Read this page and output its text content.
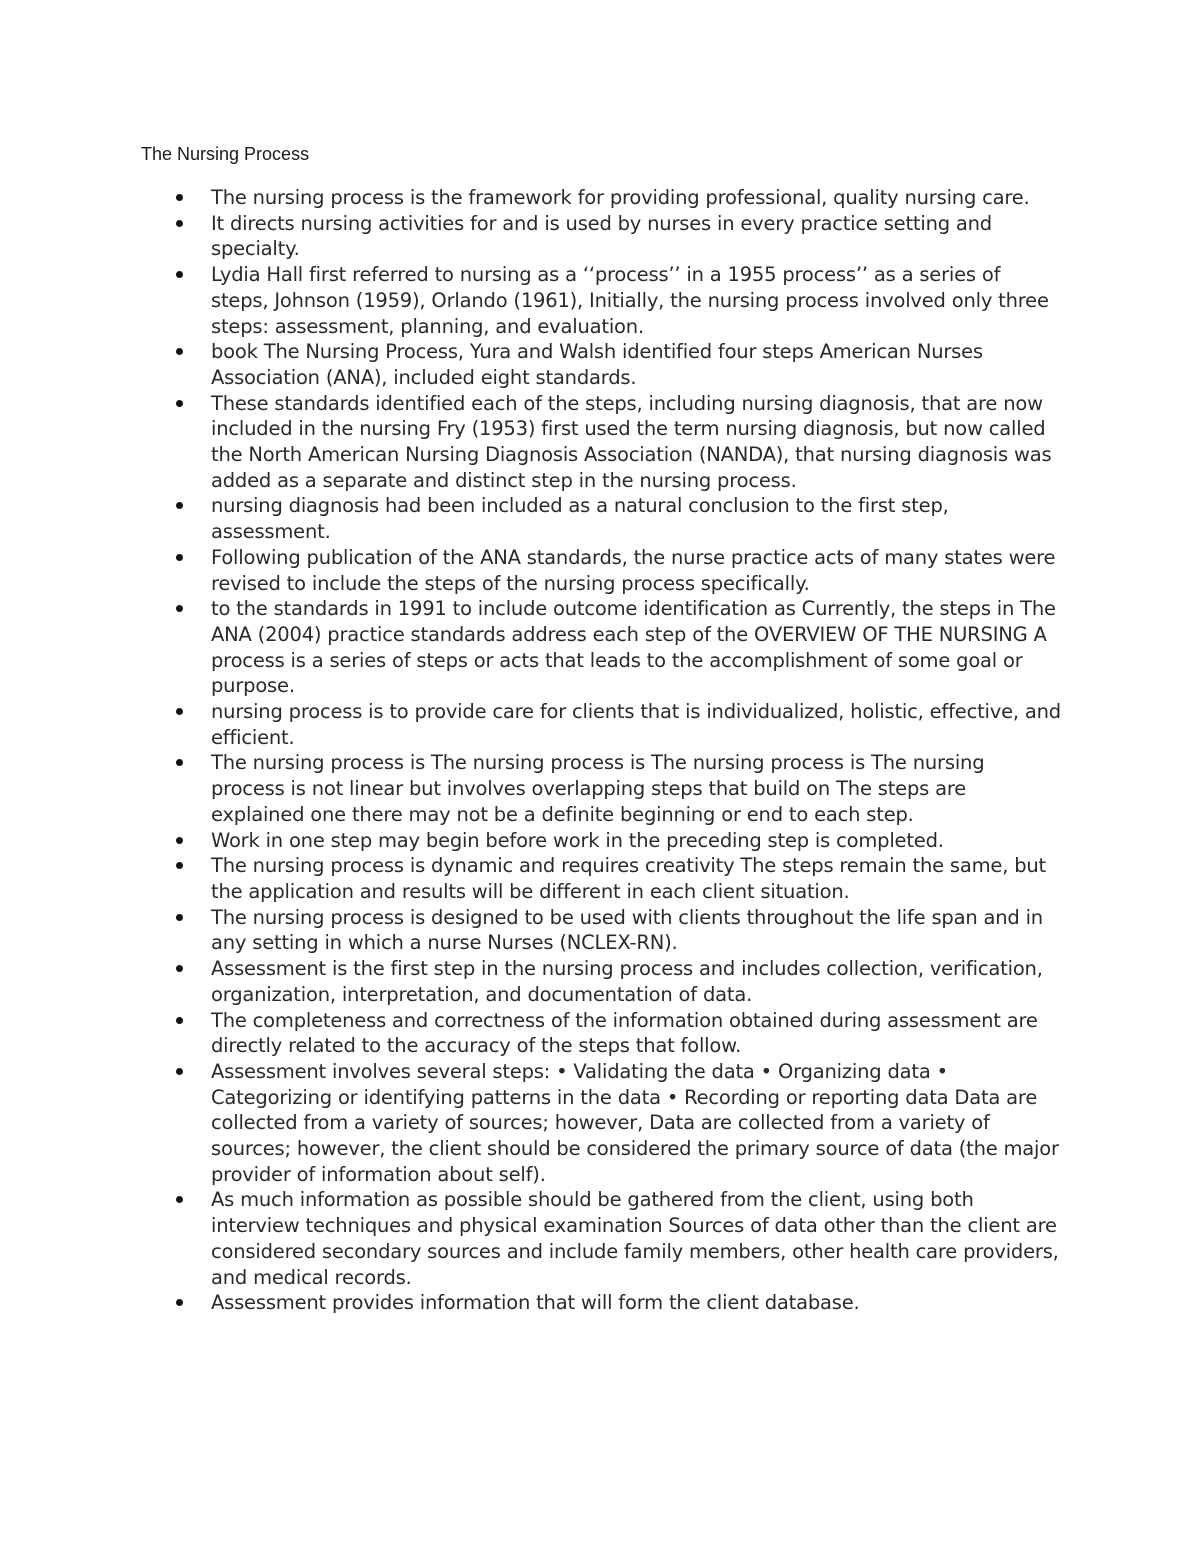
The Nursing Process
The nursing process is the framework for providing professional, quality nursing care.
It directs nursing activities for and is used by nurses in every practice setting and specialty.
Lydia Hall first referred to nursing as a ‘‘process’’ in a 1955 process’’ as a series of steps, Johnson (1959), Orlando (1961), Initially, the nursing process involved only three steps: assessment, planning, and evaluation.
book The Nursing Process, Yura and Walsh identified four steps American Nurses Association (ANA), included eight standards.
These standards identified each of the steps, including nursing diagnosis, that are now included in the nursing Fry (1953) first used the term nursing diagnosis, but now called the North American Nursing Diagnosis Association (NANDA), that nursing diagnosis was added as a separate and distinct step in the nursing process.
nursing diagnosis had been included as a natural conclusion to the first step, assessment.
Following publication of the ANA standards, the nurse practice acts of many states were revised to include the steps of the nursing process specifically.
to the standards in 1991 to include outcome identification as Currently, the steps in The ANA (2004) practice standards address each step of the OVERVIEW OF THE NURSING A process is a series of steps or acts that leads to the accomplishment of some goal or purpose.
nursing process is to provide care for clients that is individualized, holistic, effective, and efficient.
The nursing process is The nursing process is The nursing process is The nursing process is not linear but involves overlapping steps that build on The steps are explained one there may not be a definite beginning or end to each step.
Work in one step may begin before work in the preceding step is completed.
The nursing process is dynamic and requires creativity The steps remain the same, but the application and results will be different in each client situation.
The nursing process is designed to be used with clients throughout the life span and in any setting in which a nurse Nurses (NCLEX-RN).
Assessment is the first step in the nursing process and includes collection, verification, organization, interpretation, and documentation of data.
The completeness and correctness of the information obtained during assessment are directly related to the accuracy of the steps that follow.
Assessment involves several steps: • Validating the data • Organizing data • Categorizing or identifying patterns in the data • Recording or reporting data Data are collected from a variety of sources; however, Data are collected from a variety of sources; however, the client should be considered the primary source of data (the major provider of information about self).
As much information as possible should be gathered from the client, using both interview techniques and physical examination Sources of data other than the client are considered secondary sources and include family members, other health care providers, and medical records.
Assessment provides information that will form the client database.
